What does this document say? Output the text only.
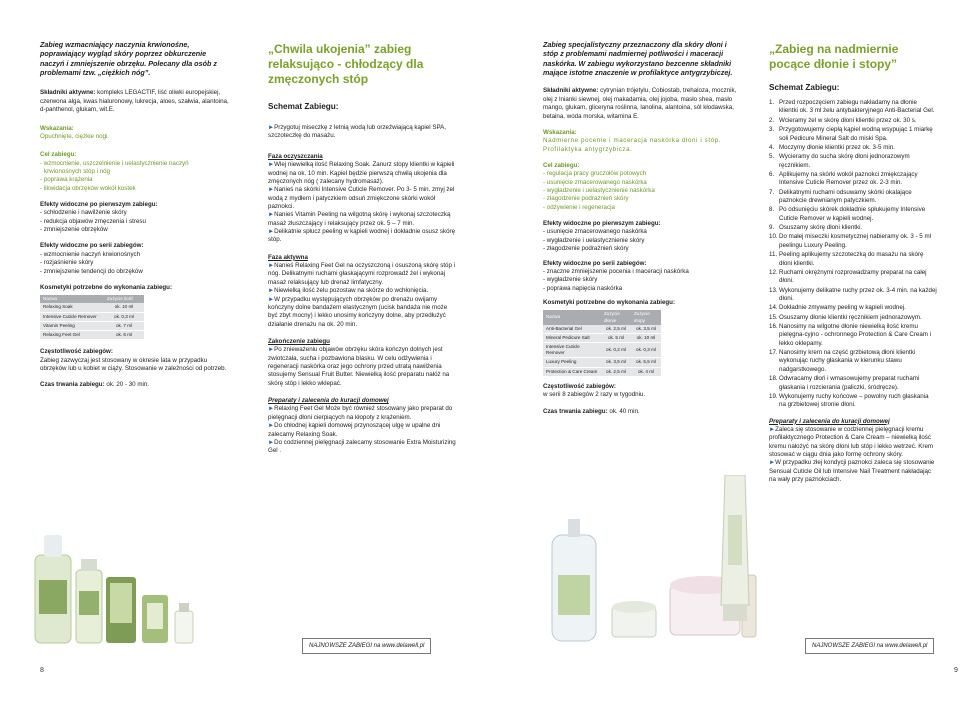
Zabieg wzmacniający naczynia krwionośne, poprawiający wygląd skóry poprzez obkurczenie naczyń i zmniejszenie obrzęku. Polecany dla osób z problemami tzw. „ciężkich nóg”.
Składniki aktywne: kompleks LEGACTIF, liść oliwki europejskiej, czerwona alga, kwas hialuronowy, lukrecja, aloes, szałwia, alantoina, d-panthenol, glukam, wit.E.
Wskazania:
Opuchnięte, ciężkie nogi.
Cel zabiegu:
- wzmocnienie, uszczelnienie i uelastycznienie naczyń
krwionośnych stóp i nóg
- poprawa krążenia
- likwidacja obrzęków wokół kostek
Efekty widoczne po pierwszym zabiegu:
- schłodzenie i nawilżenie skóry
- redukcja objawów zmęczenia i stresu
- zmniejszenie obrzęków
Efekty widoczne po serii zabiegów:
- wzmocnienie naczyń krwionośnych
- rozjaśnienie skóry
- zmniejszenie tendencji do obrzęków
Kosmetyki potrzebne do wykonania zabiegu:
Nazwa	Zużycie ilość
Relaxing Soak	ok. 10 ml
Intensive Cuticle Remover	ok. 0,3 ml
Vitamin Peeling	ok. 7 ml
Relaxing Feet Gel	ok. 6 ml
Częstotliwość zabiegów:
Zabieg zazwyczaj jest stosowany w okresie lata w przypadku obrzęków lub u kobiet w ciąży. Stosowanie w zależności od potrzeb.
Czas trwania zabiegu: ok. 20 - 30 min.
„Chwila ukojenia” zabieg relaksująco - chłodzący dla zmęczonych stóp
Schemat Zabiegu:
► Przygotuj miseczkę z letnią wodą lub orzeźwiającą kąpiel SPA, szczoteczkę do masażu.
Faza oczyszczania
► Wlej niewielką ilość Relaxing Soak. Zanurz stopy klientki w kąpieli wodnej na ok. 10 min. Kąpiel będzie pierwszą chwilą ukojenia dla zmęczonych nóg ( zalecany hydromasaż).
► Nanieś na skórki Intensive Cuticle Remover. Po 3- 5 min. zmyj żel wodą z mydłem i patyczkiem odsuń zmiękczone skórki wokół paznokci.
► Nanieś Vitamin Peeling na wilgotną skórę i wykonaj szczoteczką masaż złuszczający i relaksujący przez ok. 5 – 7 min.
► Delikatnie spłucz peeling w kąpieli wodnej i dokładnie osusz skórę stóp.
Faza aktywna
► Nanieś Relaxing Feet Gel na oczyszczoną i osuszoną skórę stóp i nóg. Delikatnymi ruchami głaskającymi rozprowadź żel i wykonaj masaż relaksujący lub drenaż limfatyczny.
► Niewielką ilość żelu pozostaw na skórze do wchłonięcia.
► W przypadku występujących obrzęków po drenażu owijamy kończyny dolne bandażem elastycznym (ucisk bandaża nie może być zbyt mocny) i lekko unosimy kończyny dolne, aby przedłużyć działanie drenażu na ok. 20 min.
Zakończenie zabiegu
► Po znieważeniu objawów obrzęku skóra kończyn dolnych jest zwiotczała, sucha i pozbawiona blasku. W celu odżywienia i regeneracji naskórka oraz jego ochrony przed utratą nawilżenia stosujemy Sensual Fruit Butter. Niewielką ilość preparatu nałóż na skórę stóp i lekko wklepać.
Preparaty i zalecenia do kuracji domowej
► Relaxing Feet Gel Może być również stosowany jako preparat do pielęgnacji dłoni cierpiących na kłopoty z krążeniem.
► Do chłodnej kąpieli domowej przynoszącej ulgę w upalne dni zalecamy Relaxing Soak.
► Do codziennej pielęgnacji zalecamy stosowanie Extra Moisturizing Gel .
NAJNOWSZE ZABIEGI na www.delawell.pl
8
Zabieg specjalistyczny przeznaczony dla skóry dłoni i stóp z problemami nadmiernej potliwości i maceracji naskórka. W zabiegu wykorzystano bezcenne składniki mające istotne znaczenie w profilaktyce antygrzybiczej.
Składniki aktywne: cytrynian trójetylu, Cobiostab, trehaloza, mocznik, olej z lnianki siewnej, olej makadamia, olej jojoba, masło shea, masło mango, glukam, gliceryna roślinna, lanolina, alantoina, sól kłodawska, betaina, woda morska, witamina E.
Wskazania:
Nadmierne pocenie i maceracja naskórka dłoni i stóp. Profilaktyka antygrzybicza.
Cel zabiegu:
- regulacja pracy gruczołów potowych
- usunięcie zmacerowanego naskórka
- wygładzenie i uelastycznienie naskórka
- złagodzenie podrażnień skóry
- odżywienie i regeneracja
Efekty widoczne po pierwszym zabiegu:
- usunięcie zmacerowanego naskórka
- wygładzenie i uelastycznienie skóry
- złagodzenie podrażnień skóry
Efekty widoczne po serii zabiegów:
- znaczne zmniejszenie pocenia i maceracji naskórka
- wygładzenie skóry
- poprawa napięcia naskórka
Kosmetyki potrzebne do wykonania zabiegu:
Nazwa	Zużycie dłonie	Zużycie stopy
Anti-Bacterial Gel	ok. 2,5 ml	ok. 3,5 ml
Mineral Pedicure Salt	ok. 5 ml	ok. 10 ml
Intensive Cuticle Remover	ok. 0,2 ml	ok. 0,3 ml
Luxury Peeling	ok. 3,5 ml	ok. 5,5 ml
Protection & Care Cream	ok. 2,5 ml	ok. 4 ml
Częstotliwość zabiegów:
w serii 8 zabiegów 2 razy w tygodniu.
Czas trwania zabiegu: ok. 40 min.
„Zabieg na nadmiernie pocące dłonie i stopy”
Schemat Zabiegu:
1. Przed rozpoczęciem zabiegu nakładamy na dłonie klientki ok. 3 ml żelu antybakteryjnego Anti-Bacterial Gel.
2. Wcieramy żel w skórę dłoni klientki przez ok. 30 s.
3. Przygotowujemy ciepłą kąpiel wodną wsypując 1 miarkę soli Pedicure Mineral Salt do miski Spa.
4. Moczymy dłonie klientki przez ok. 3-5 min.
5. Wycieramy do sucha skórę dłoni jednorazowym ręcznikiem.
6. Aplikujemy na skórki wokół paznokci zmiękczający Intensive Cuticle Remover przez ok. 2-3 min.
7. Delikatnymi ruchami odsuwamy skórki okalające paznokcie drewnianym patyczkiem.
8. Po odsunięciu skórek dokładnie spłukujemy Intensive Cuticle Remover w kąpieli wodnej.
9. Osuszamy skórę dłoni klientki.
10. Do małej miseczki kosmetycznej nabieramy ok. 3 - 5 ml peelingu Luxury Peeling.
11. Peeling aplikujemy szczoteczką do masażu na skórę dłoni klientki.
12. Ruchami okrężnymi rozprowadzamy preparat na całej dłoni.
13. Wykonujemy delikatne ruchy przez ok. 3-4 min. na każdej dłoni.
14. Dokładnie zmywamy peeling w kąpieli wodnej.
15. Osuszamy dłonie klientki ręcznikiem jednorazowym.
16. Nanosimy na wilgotne dłonie niewielką ilość kremu pielęgna-cyjno - ochronnego Protection & Care Cream i lekko oklepamy.
17. Nanosimy krem na część grzbietową dłoni klientki wykonując ruchy głaskania w kierunku stawu nadgarstkowego.
18. Odwracamy dłoń i wmasowujemy preparat ruchami głaskania i rozcierania (paliczki, śródręcze).
19. Wykonujemy ruchy końcowe – powolny ruch głaskania na grzbietowej stronie dłoni.
Preparaty i zalecenia do kuracji domowej
► Zaleca się stosowanie w codziennej pielęgnacji kremu profilaktycznego Protection & Care Cream – niewielką ilość kremu nałożyć na skórę dłoni lub stóp i lekko wetrzeć. Krem stosować w ciągu dnia jako formę ochrony skóry.
► W przypadku złej kondycji paznokci zaleca się stosowanie Sensual Cuticle Oil lub Intensive Nail Treatment nakładając na wały przy paznokciach.
NAJNOWSZE ZABIEGI na www.delawell.pl
9
